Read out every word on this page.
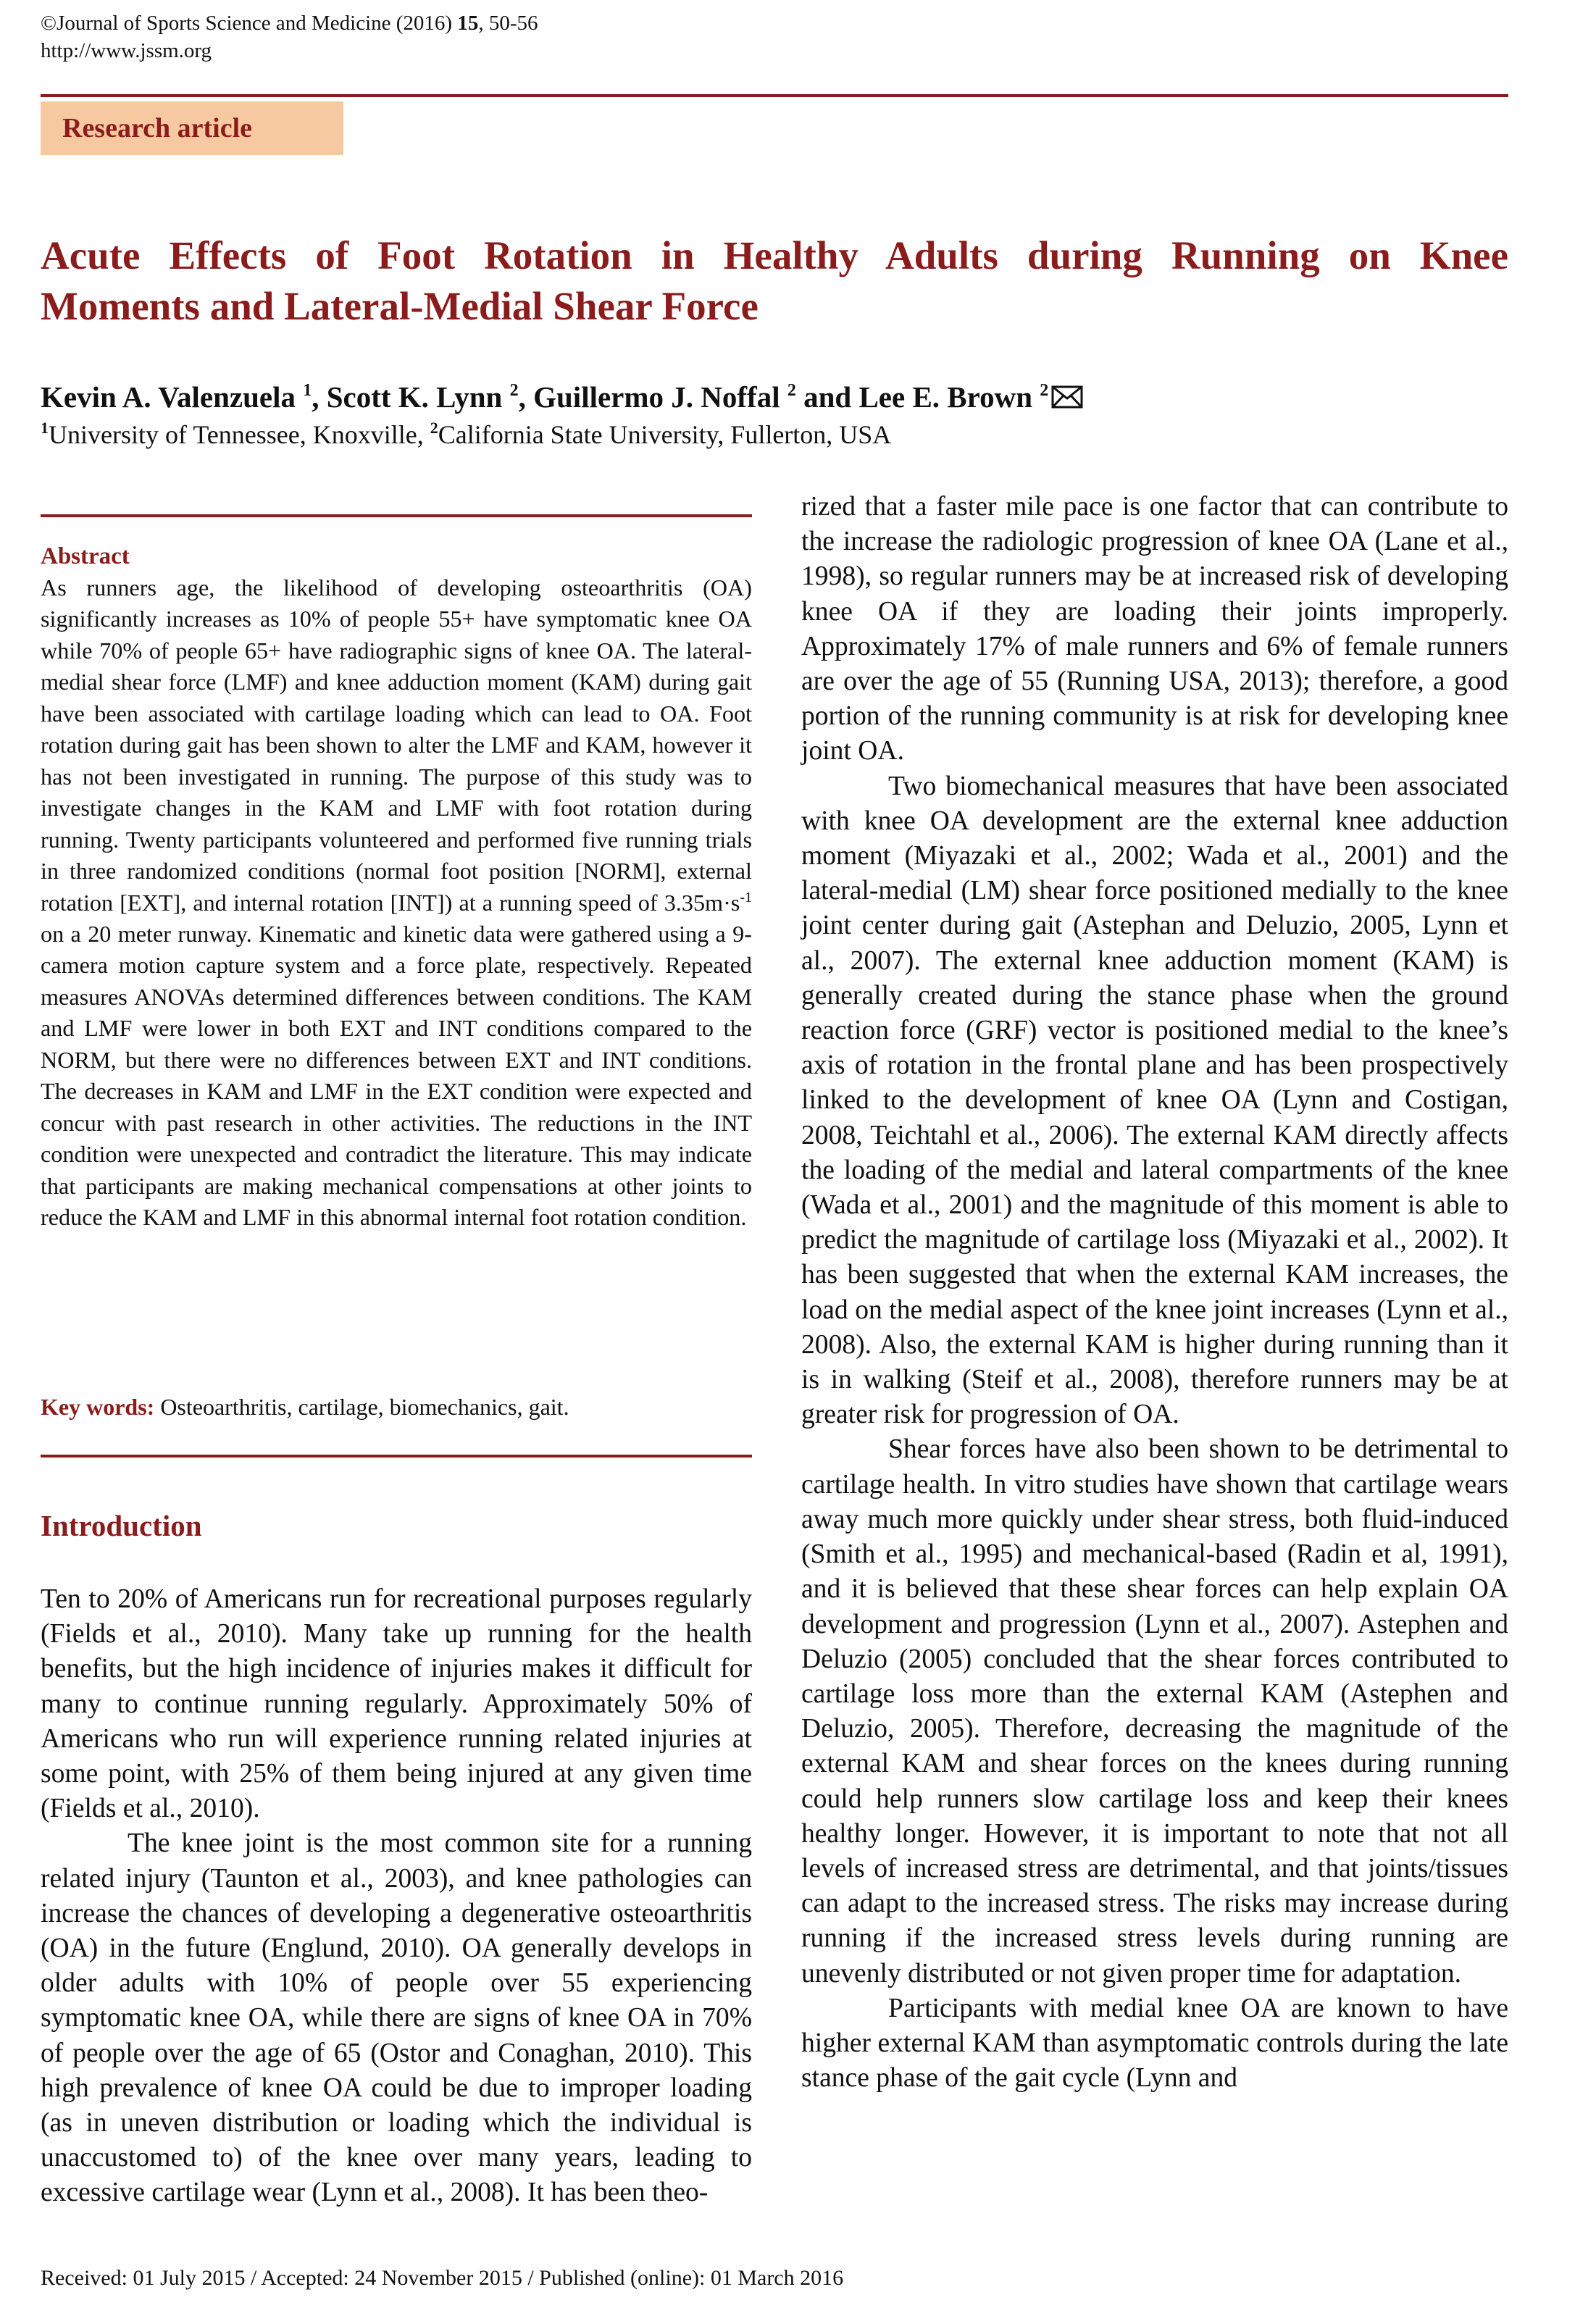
©Journal of Sports Science and Medicine (2016) 15, 50-56
http://www.jssm.org
Research article
Acute Effects of Foot Rotation in Healthy Adults during Running on Knee
Moments and Lateral-Medial Shear Force
Kevin A. Valenzuela $^1$, Scott K. Lynn $^2$, Guillermo J. Noffal $^2$ and Lee E. Brown $^2$
$^1$University of Tennessee, Knoxville, $^2$California State University, Fullerton, USA
Abstract
As runners age, the likelihood of developing osteoarthritis (OA) significantly increases as 10% of people 55+ have symptomatic knee OA while 70% of people 65+ have radiographic signs of knee OA. The lateral-medial shear force (LMF) and knee adduction moment (KAM) during gait have been associated with cartilage loading which can lead to OA. Foot rotation during gait has been shown to alter the LMF and KAM, however it has not been investigated in running. The purpose of this study was to investigate changes in the KAM and LMF with foot rotation during running. Twenty participants volunteered and performed five running trials in three randomized conditions (normal foot position [NORM], external rotation [EXT], and internal rotation [INT]) at a running speed of $3.35m\cdot s^{-1}$ on a 20 meter runway. Kinematic and kinetic data were gathered using a 9-camera motion capture system and a force plate, respectively. Repeated measures ANOVAs determined differences between conditions. The KAM and LMF were lower in both EXT and INT conditions compared to the NORM, but there were no differences between EXT and INT conditions. The decreases in KAM and LMF in the EXT condition were expected and concur with past research in other activities. The reductions in the INT condition were unexpected and contradict the literature. This may indicate that participants are making mechanical compensations at other joints to reduce the KAM and LMF in this abnormal internal foot rotation condition.
Key words: Osteoarthritis, cartilage, biomechanics, gait.
Introduction

Ten to 20% of Americans run for recreational purposes regularly (Fields et al., 2010). Many take up running for the health benefits, but the high incidence of injuries makes it difficult for many to continue running regularly. Approximately 50% of Americans who run will experience running related injuries at some point, with 25% of them being injured at any given time (Fields et al., 2010).

The knee joint is the most common site for a running related injury (Taunton et al., 2003), and knee pathologies can increase the chances of developing a degenerative osteoarthritis (OA) in the future (Englund, 2010). OA generally develops in older adults with 10% of people over 55 experiencing symptomatic knee OA, while there are signs of knee OA in 70% of people over the age of 65 (Ostor and Conaghan, 2010). This high prevalence of knee OA could be due to improper loading (as in uneven distribution or loading which the individual is unaccustomed to) of the knee over many years, leading to excessive cartilage wear (Lynn et al., 2008). It has been theo-

rized that a faster mile pace is one factor that can contribute to the increase the radiologic progression of knee OA (Lane et al., 1998), so regular runners may be at increased risk of developing knee OA if they are loading their joints improperly. Approximately 17% of male runners and 6% of female runners are over the age of 55 (Running USA, 2013); therefore, a good portion of the running community is at risk for developing knee joint OA.

Two biomechanical measures that have been associated with knee OA development are the external knee adduction moment (Miyazaki et al., 2002; Wada et al., 2001) and the lateral-medial (LM) shear force positioned medially to the knee joint center during gait (Astephan and Deluzio, 2005, Lynn et al., 2007). The external knee adduction moment (KAM) is generally created during the stance phase when the ground reaction force (GRF) vector is positioned medial to the knee’s axis of rotation in the frontal plane and has been prospectively linked to the development of knee OA (Lynn and Costigan, 2008, Teichtahl et al., 2006). The external KAM directly affects the loading of the medial and lateral compartments of the knee (Wada et al., 2001) and the magnitude of this moment is able to predict the magnitude of cartilage loss (Miyazaki et al., 2002). It has been suggested that when the external KAM increases, the load on the medial aspect of the knee joint increases (Lynn et al., 2008). Also, the external KAM is higher during running than it is in walking (Steif et al., 2008), therefore runners may be at greater risk for progression of OA.

Shear forces have also been shown to be detrimental to cartilage health. In vitro studies have shown that cartilage wears away much more quickly under shear stress, both fluid-induced (Smith et al., 1995) and mechanical-based (Radin et al, 1991), and it is believed that these shear forces can help explain OA development and progression (Lynn et al., 2007). Astephen and Deluzio (2005) concluded that the shear forces contributed to cartilage loss more than the external KAM (Astephen and Deluzio, 2005). Therefore, decreasing the magnitude of the external KAM and shear forces on the knees during running could help runners slow cartilage loss and keep their knees healthy longer. However, it is important to note that not all levels of increased stress are detrimental, and that joints/tissues can adapt to the increased stress. The risks may increase during running if the increased stress levels during running are unevenly distributed or not given proper time for adaptation.

Participants with medial knee OA are known to have higher external KAM than asymptomatic controls during the late stance phase of the gait cycle (Lynn and

Received: 01 July 2015 / Accepted: 24 November 2015 / Published (online): 01 March 2016
